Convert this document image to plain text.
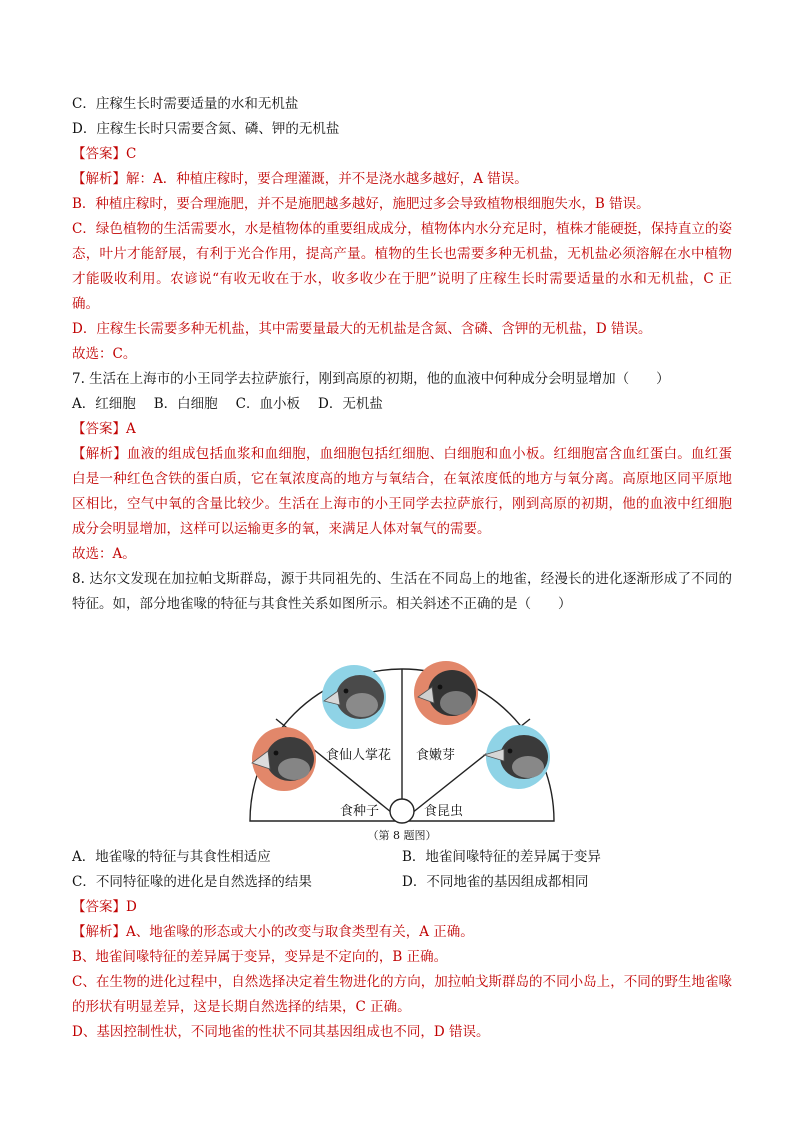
C．庄稼生长时需要适量的水和无机盐
D．庄稼生长时只需要含氮、磷、钾的无机盐
【答案】C
【解析】解：A．种植庄稼时，要合理灌溉，并不是浇水越多越好，A 错误。
B．种植庄稼时，要合理施肥，并不是施肥越多越好，施肥过多会导致植物根细胞失水，B 错误。
C．绿色植物的生活需要水，水是植物体的重要组成成分，植物体内水分充足时，植株才能硬挺，保持直立的姿态，叶片才能舒展，有利于光合作用，提高产量。植物的生长也需要多种无机盐，无机盐必须溶解在水中植物才能吸收利用。农谚说“有收无收在于水，收多收少在于肥”说明了庄稼生长时需要适量的水和无机盐，C 正确。
D．庄稼生长需要多种无机盐，其中需要量最大的无机盐是含氮、含磷、含钾的无机盐，D 错误。
故选：C。
7. 生活在上海市的小王同学去拉萨旅行，刚到高原的初期，他的血液中何种成分会明显增加（　　）
A．红细胞 B．白细胞 C．血小板 D．无机盐
【答案】A
【解析】血液的组成包括血浆和血细胞，血细胞包括红细胞、白细胞和血小板。红细胞富含血红蛋白。血红蛋白是一种红色含铁的蛋白质，它在氧浓度高的地方与氧结合，在氧浓度低的地方与氧分离。高原地区同平原地区相比，空气中氧的含量比较少。生活在上海市的小王同学去拉萨旅行，刚到高原的初期，他的血液中红细胞成分会明显增加，这样可以运输更多的氧，来满足人体对氧气的需要。
故选：A。
8. 达尔文发现在加拉帕戈斯群岛，源于共同祖先的、生活在不同岛上的地雀，经漫长的进化逐渐形成了不同的特征。如，部分地雀喙的特征与其食性关系如图所示。相关斜述不正确的是（　　）
食仙人掌花 食嫩芽
食种子	食昆虫
（第 8 题图）
A．地雀喙的特征与其食性相适应	B．地雀间喙特征的差异属于变异
C．不同特征喙的进化是自然选择的结果	D．不同地雀的基因组成都相同
【答案】D
【解析】A、地雀喙的形态或大小的改变与取食类型有关，A 正确。
B、地雀间喙特征的差异属于变异，变异是不定向的，B 正确。
C、在生物的进化过程中，自然选择决定着生物进化的方向，加拉帕戈斯群岛的不同小岛上，不同的野生地雀喙的形状有明显差异，这是长期自然选择的结果，C 正确。
D、基因控制性状，不同地雀的性状不同其基因组成也不同，D 错误。
